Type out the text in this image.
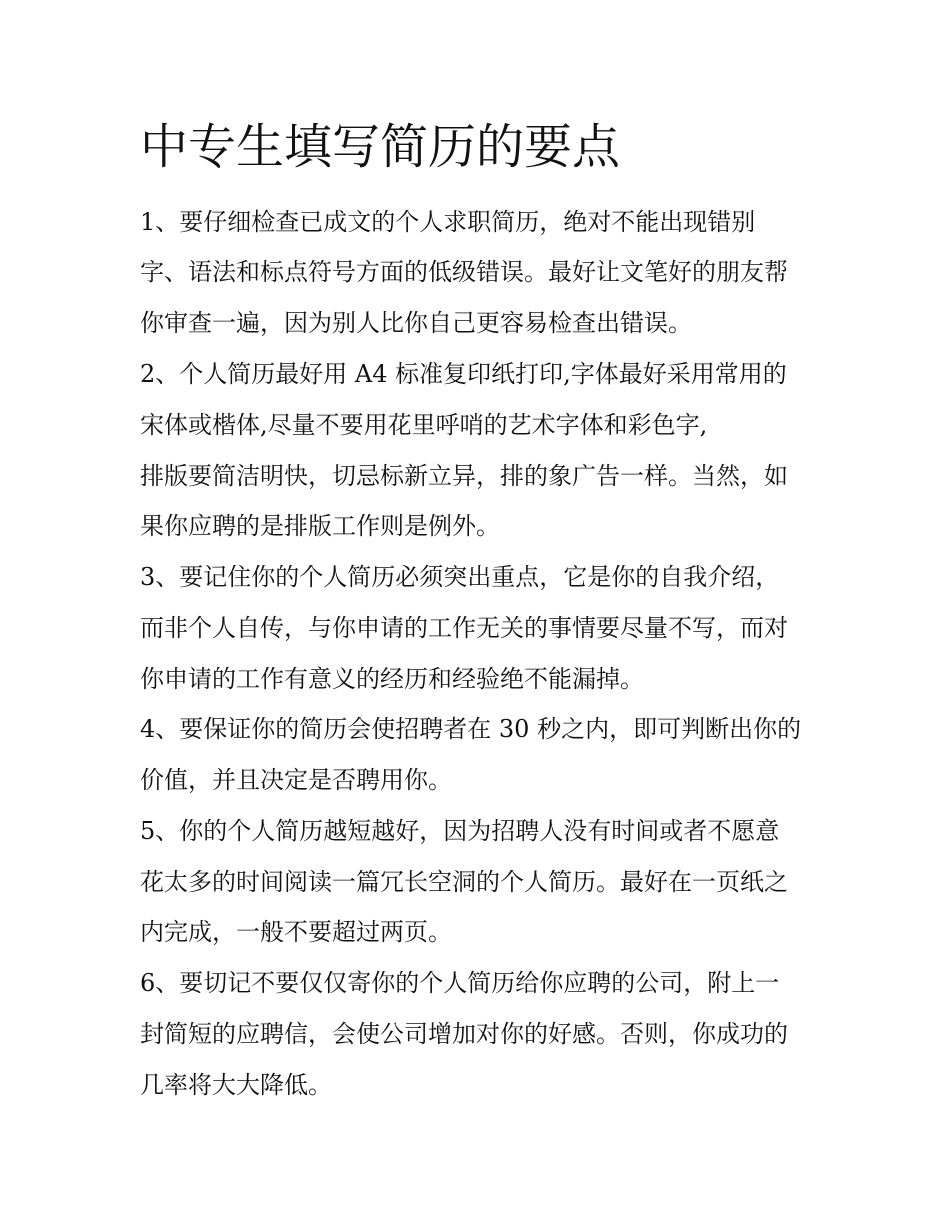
中专生填写简历的要点

1、要仔细检查已成文的个人求职简历，绝对不能出现错别

字、语法和标点符号方面的低级错误。最好让文笔好的朋友帮

你审查一遍，因为别人比你自己更容易检查出错误。

2、个人简历最好用 A4 标准复印纸打印,字体最好采用常用的

宋体或楷体,尽量不要用花里呼哨的艺术字体和彩色字,

排版要简洁明快，切忌标新立异，排的象广告一样。当然，如

果你应聘的是排版工作则是例外。

3、要记住你的个人简历必须突出重点，它是你的自我介绍，

而非个人自传，与你申请的工作无关的事情要尽量不写，而对

你申请的工作有意义的经历和经验绝不能漏掉。

4、要保证你的简历会使招聘者在 30 秒之内，即可判断出你的

价值，并且决定是否聘用你。

5、你的个人简历越短越好，因为招聘人没有时间或者不愿意

花太多的时间阅读一篇冗长空洞的个人简历。最好在一页纸之

内完成，一般不要超过两页。

6、要切记不要仅仅寄你的个人简历给你应聘的公司，附上一

封简短的应聘信，会使公司增加对你的好感。否则，你成功的

几率将大大降低。
